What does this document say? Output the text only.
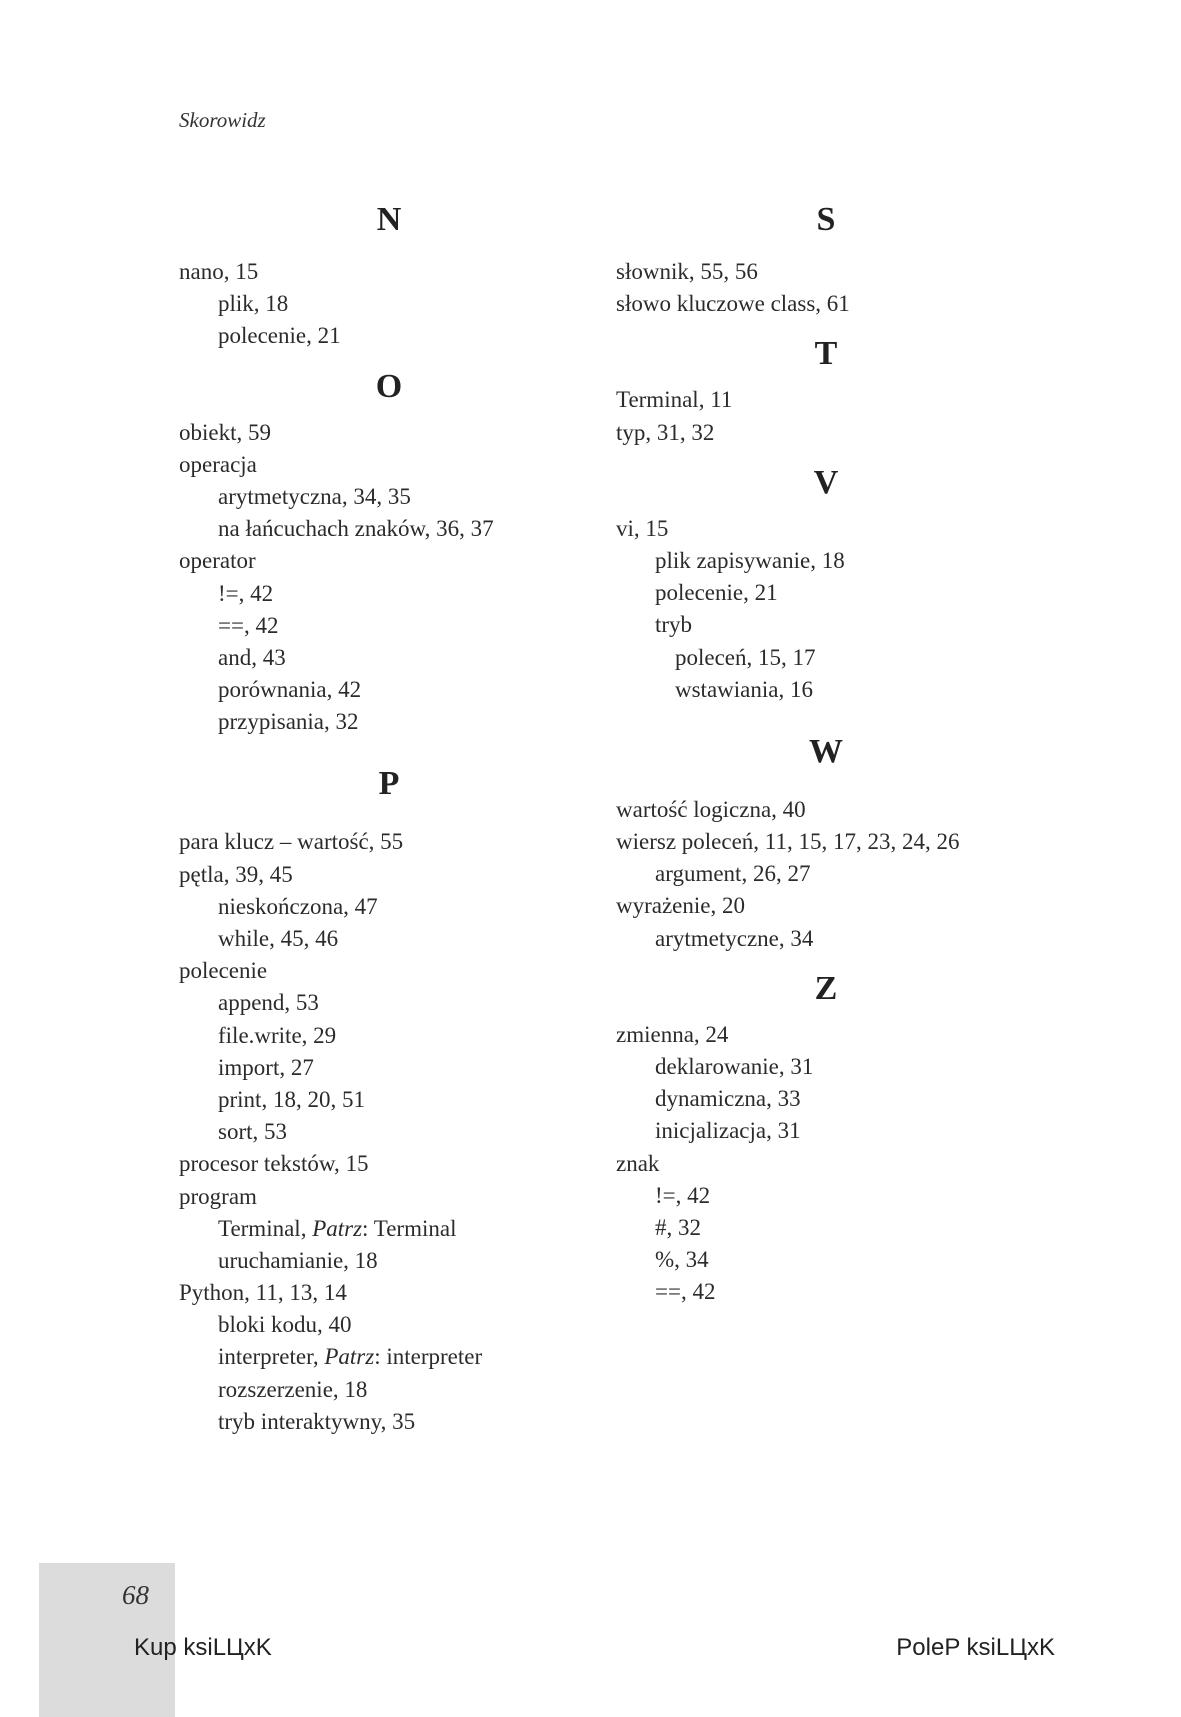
Skorowidz
N
nano, 15
plik, 18
polecenie, 21
O
obiekt, 59
operacja
arytmetyczna, 34, 35
na łańcuchach znaków, 36, 37
operator
!=, 42
==, 42
and, 43
porównania, 42
przypisania, 32
P
para klucz – wartość, 55
pętla, 39, 45
nieskończona, 47
while, 45, 46
polecenie
append, 53
file.write, 29
import, 27
print, 18, 20, 51
sort, 53
procesor tekstów, 15
program
Terminal, Patrz: Terminal
uruchamianie, 18
Python, 11, 13, 14
bloki kodu, 40
interpreter, Patrz: interpreter
rozszerzenie, 18
tryb interaktywny, 35
S
słownik, 55, 56
słowo kluczowe class, 61
T
Terminal, 11
typ, 31, 32
V
vi, 15
plik zapisywanie, 18
polecenie, 21
tryb
poleceń, 15, 17
wstawiania, 16
W
wartość logiczna, 40
wiersz poleceń, 11, 15, 17, 23, 24, 26
argument, 26, 27
wyrażenie, 20
arytmetyczne, 34
Z
zmienna, 24
deklarowanie, 31
dynamiczna, 33
inicjalizacja, 31
znak
!=, 42
#, 32
%, 34
==, 42
68
Kup ksiLЦxK	PoleP ksiLЦxK
